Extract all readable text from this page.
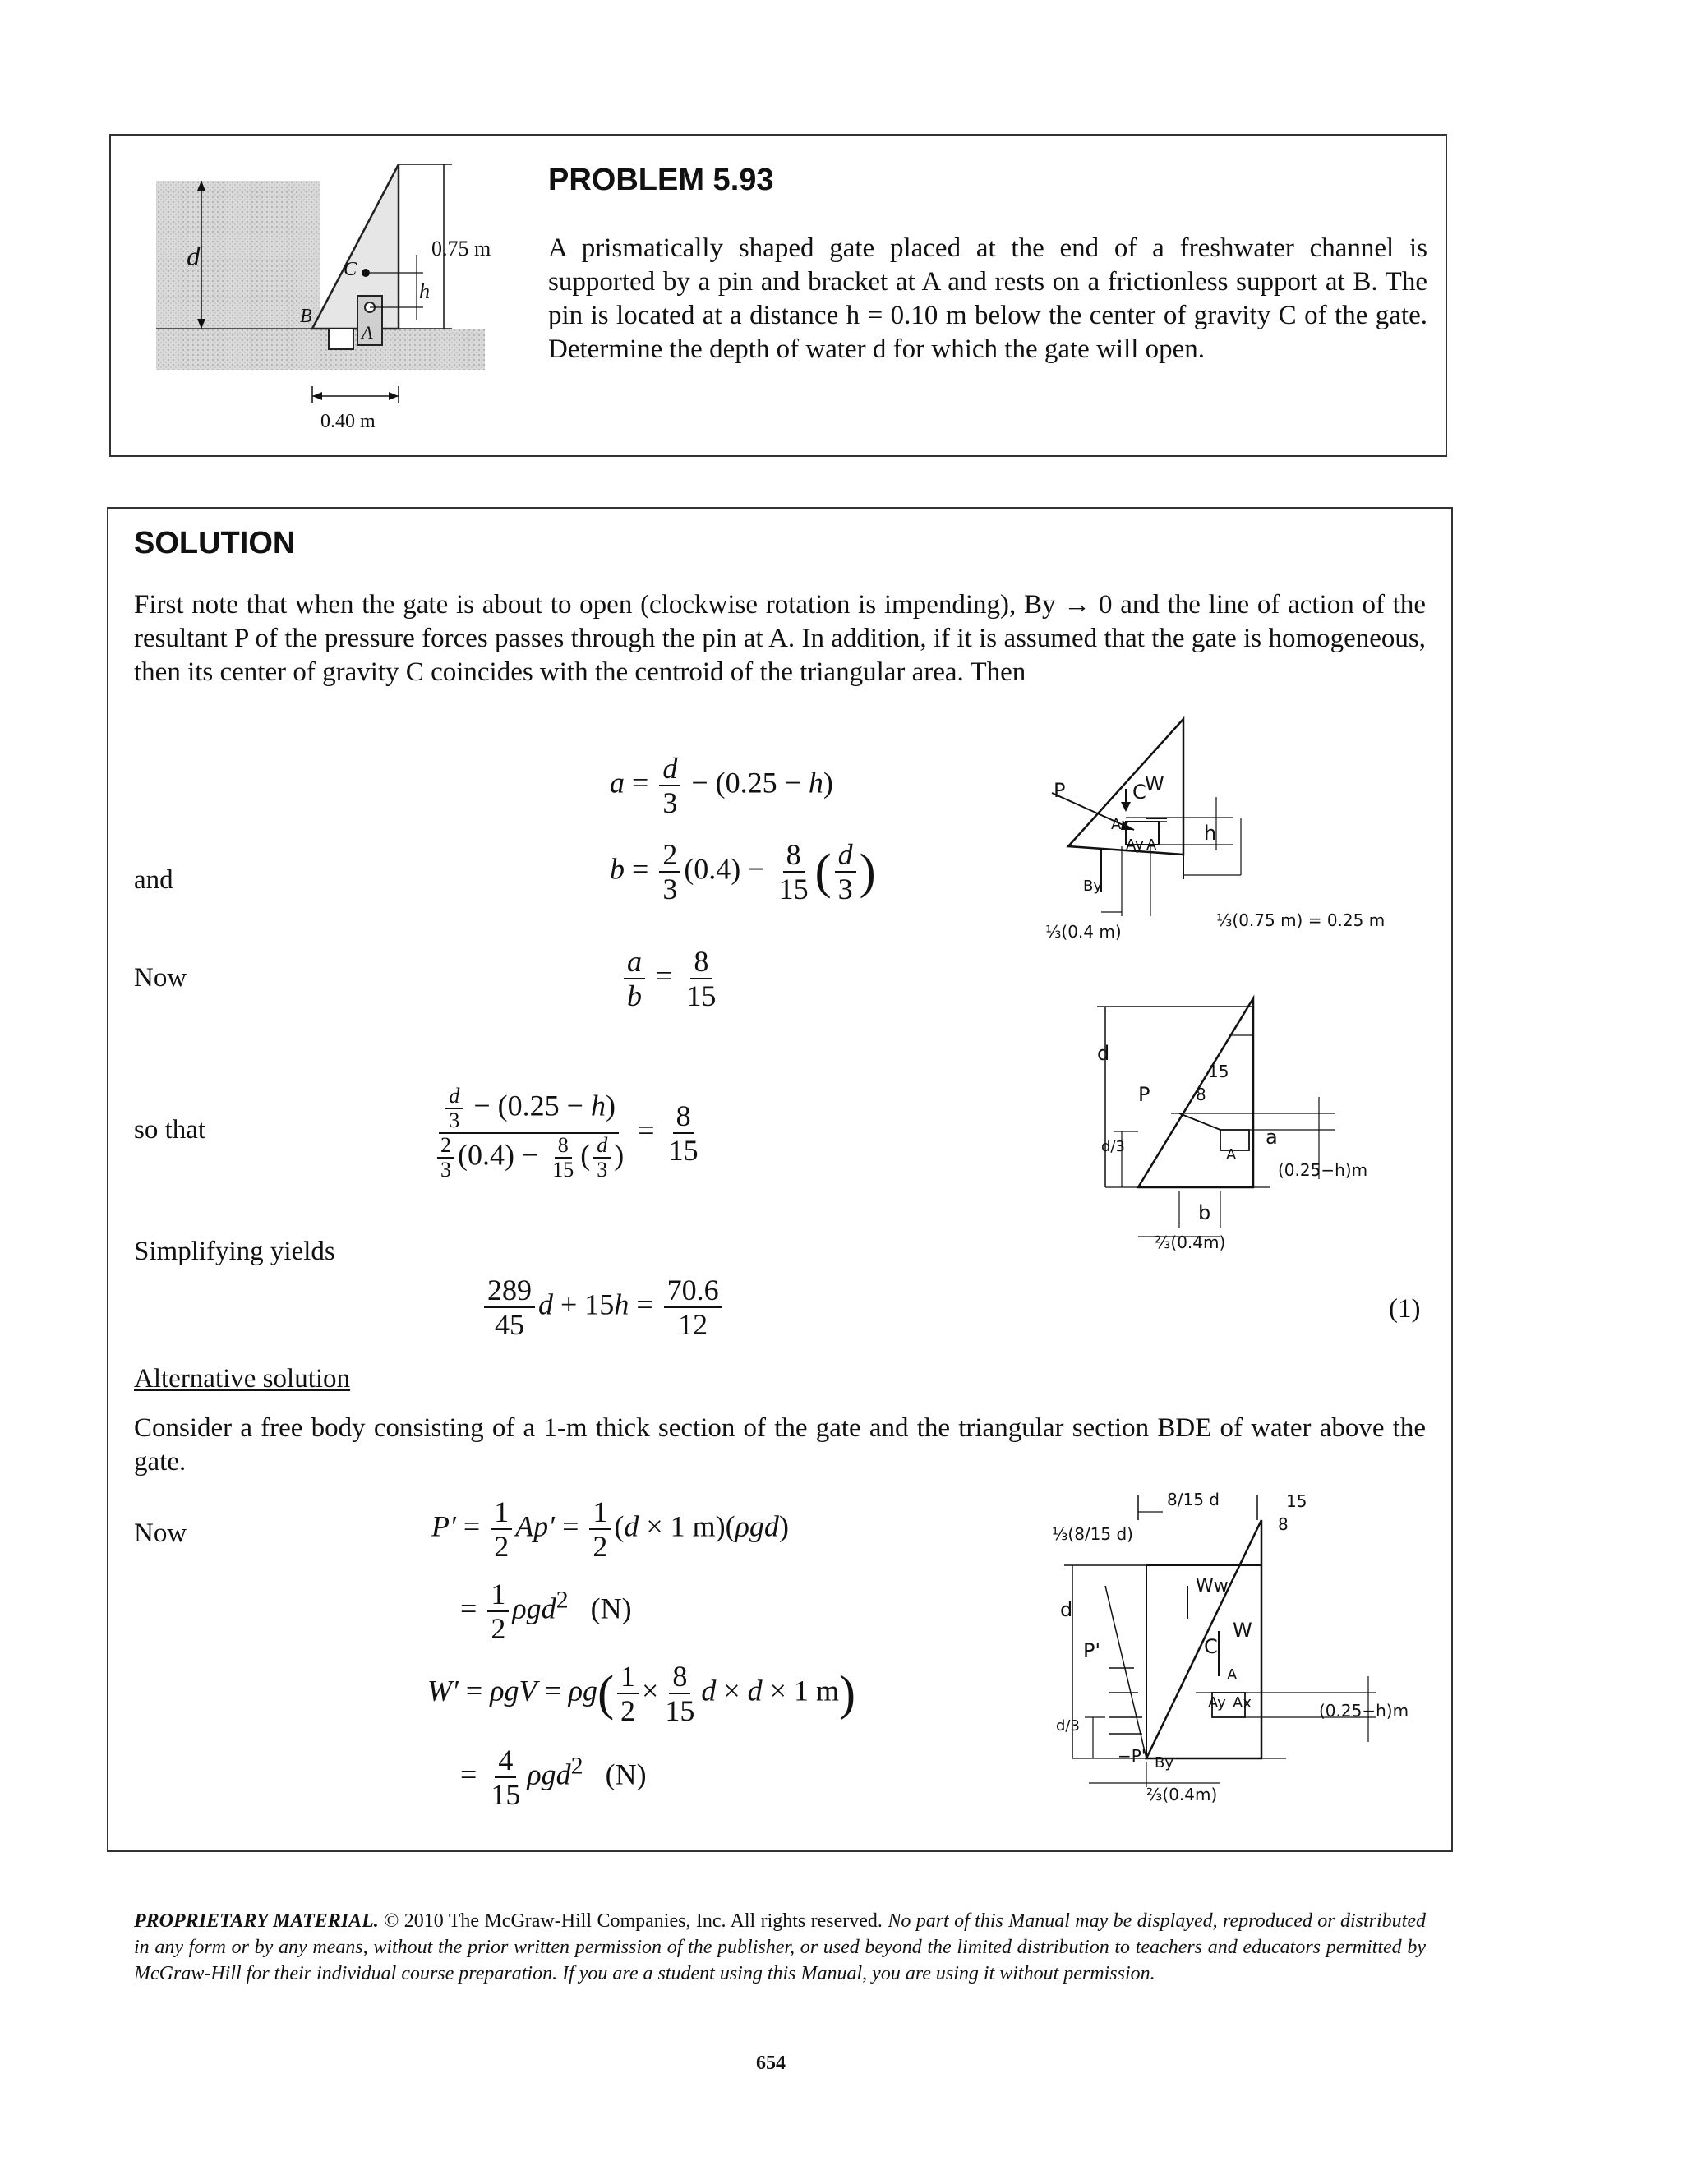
d	C
B
A
h
0.75 m
0.40 m
PROBLEM 5.93
A prismatically shaped gate placed at the end of a freshwater channel is supported by a pin and bracket at A and rests on a frictionless support at B. The pin is located at a distance h = 0.10 m below the center of gravity C of the gate. Determine the depth of water d for which the gate will open.
SOLUTION
First note that when the gate is about to open (clockwise rotation is impending), By → 0 and the line of action of the resultant P of the pressure forces passes through the pin at A. In addition, if it is assumed that the gate is homogeneous, then its center of gravity C coincides with the centroid of the triangular area. Then
$a = \frac{d}{3} - (0.25 - h)$
and	$b = \frac{2}{3} (0.4) - \frac{8}{15}$ ( $\frac{d}{3}$ )
Now	$\frac{a}{b} = \frac{8}{15}$
so that	$\frac{\frac{d}{3} - (0.25 - h)}{\frac{2}{3} (0.4) - \frac{8}{15} ( \frac{d}{3} )} = \frac{8}{15}$
Simplifying yields
$\frac{289}{45}$ $d + 15h = \frac{70.6}{12}$	(1)
Alternative solution
Consider a free body consisting of a 1-m thick section of the gate and the triangular section BDE of water above the gate.
Now	$P' = \frac{1}{2} Ap' = \frac{1}{2} (d \times 1$ m)(ρgd)
= $\frac{1}{2} \rho gd^2$   (N)
$W' = \rho gV = \rho g( \frac{1}{2} \times \frac{8}{15}$ d × d × 1 m)
= $\frac{4}{15} \rho gd^2$   (N)
P	C
W
Ax
Ay A
h
By
⅓(0.4 m)
⅓(0.75 m) = 0.25 m
d
P
15
8
a
A
d/3
(0.25−h)m
b
⅔(0.4m)
8/15 d
⅓(8/15 d)
15
8
d
Ww
W
C
P'
d/3
A
Ay Ax	(0.25−h)m
−P' By
⅔(0.4m)
PROPRIETARY MATERIAL. © 2010 The McGraw-Hill Companies, Inc. All rights reserved. No part of this Manual may be displayed, reproduced or distributed in any form or by any means, without the prior written permission of the publisher, or used beyond the limited distribution to teachers and educators permitted by McGraw-Hill for their individual course preparation. If you are a student using this Manual, you are using it without permission.
654
